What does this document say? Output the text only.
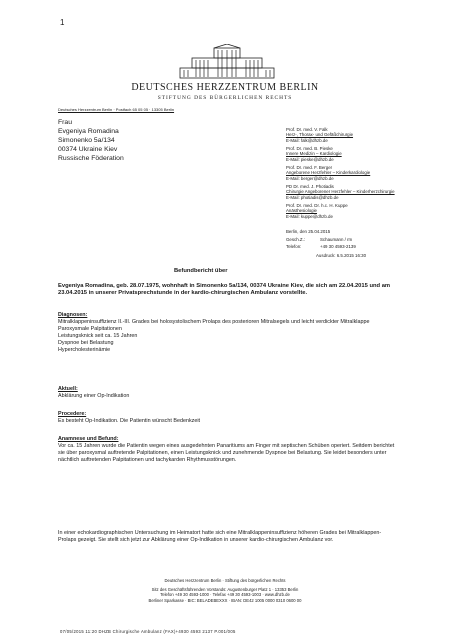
1
DEUTSCHES HERZZENTRUM BERLIN
STIFTUNG DES BÜRGERLICHEN RECHTS
Deutsches Herzzentrum Berlin · Postfach 65 05 05 · 13305 Berlin
Frau
Evgeniya Romadina
Simonenko 5a/134
00374 Ukraine Kiev
Russische Föderation
Prof. Dr. med. V. Falk
Herz-, Thorax- und Gefäßchirurgie
E-Mail: falk@dhzb.de
Prof. Dr. med. B. Pieske
Innere Medizin – Kardiologie
E-Mail: pieske@dhzb.de
Prof. Dr. med. F. Berger
Angeborene Herzfehler – Kinderkardiologie
E-Mail: berger@dhzb.de
PD Dr. med. J. Photiadis
Chirurgie Angeborener Herzfehler – Kinderherzchirurgie
E-Mail: photiadis@dhzb.de
Prof. Dr. med. Dr. h.c. H. Kuppe
Anästhesiologie
E-Mail: kuppe@dhzb.de
Berlin, den 25.04.2015
Gesch.Z.:	Schaumann / rm
Telefon:	+49 30 4593-2139
Ausdruck: 6.5.2015 16:30
Befundbericht über
Evgeniya Romadina, geb. 28.07.1975, wohnhaft in Simonenko 5a/134, 00374 Ukraine Kiev, die sich am 22.04.2015 und am 23.04.2015 in unserer Privatsprechstunde in der kardio-chirurgischen Ambulanz vorstellte.
Diagnosen:
Mitralklappeninsuffizienz II.-III. Grades bei holosystolischem Prolaps des posterioren Mitralsegels und leicht verdickter Mitralklappe
Paroxysmale Palpitationen
Leistungsknick seit ca. 15 Jahren
Dyspnoe bei Belastung
Hypercholesterinämie
Aktuell:
Abklärung einer Op-Indikation
Procedere:
Es besteht Op-Indikation. Die Patientin wünscht Bedenkzeit
Anamnese und Befund:
Vor ca. 15 Jahren wurde die Patientin wegen eines ausgedehnten Panaritiums am Finger mit septischen Schüben operiert. Seitdem berichtet sie über paroxysmal auftretende Palpitationen, einen Leistungsknick und zunehmende Dyspnoe bei Belastung. Sie leidet besonders unter nächtlich auftretenden Palpitationen und tachykarden Rhythmusstörungen.
In einer echokardiographischen Untersuchung im Heimatort hatte sich eine Mitralklappeninsuffizienz höheren Grades bei Mitralklappen-Prolaps gezeigt. Sie stellt sich jetzt zur Abklärung einer Op-Indikation in unserer kardio-chirurgischen Ambulanz vor.
Deutsches Herzzentrum Berlin · Stiftung des bürgerlichen Rechts
Sitz des Geschäftsführenden Vorstands: Augustenburger Platz 1 · 13353 Berlin
Telefon +49 30 4593-1000 · Telefax +49 30 4593-1003 · www.dhzb.de
Berliner Sparkasse · BIC: BELADEBEXXX · IBAN: DE42 1005 0000 0310 0600 00
07/05/2015 11:20 DHZB Chirurgische Ambulanz (FAX)+4930 4593 2137 P.001/005
